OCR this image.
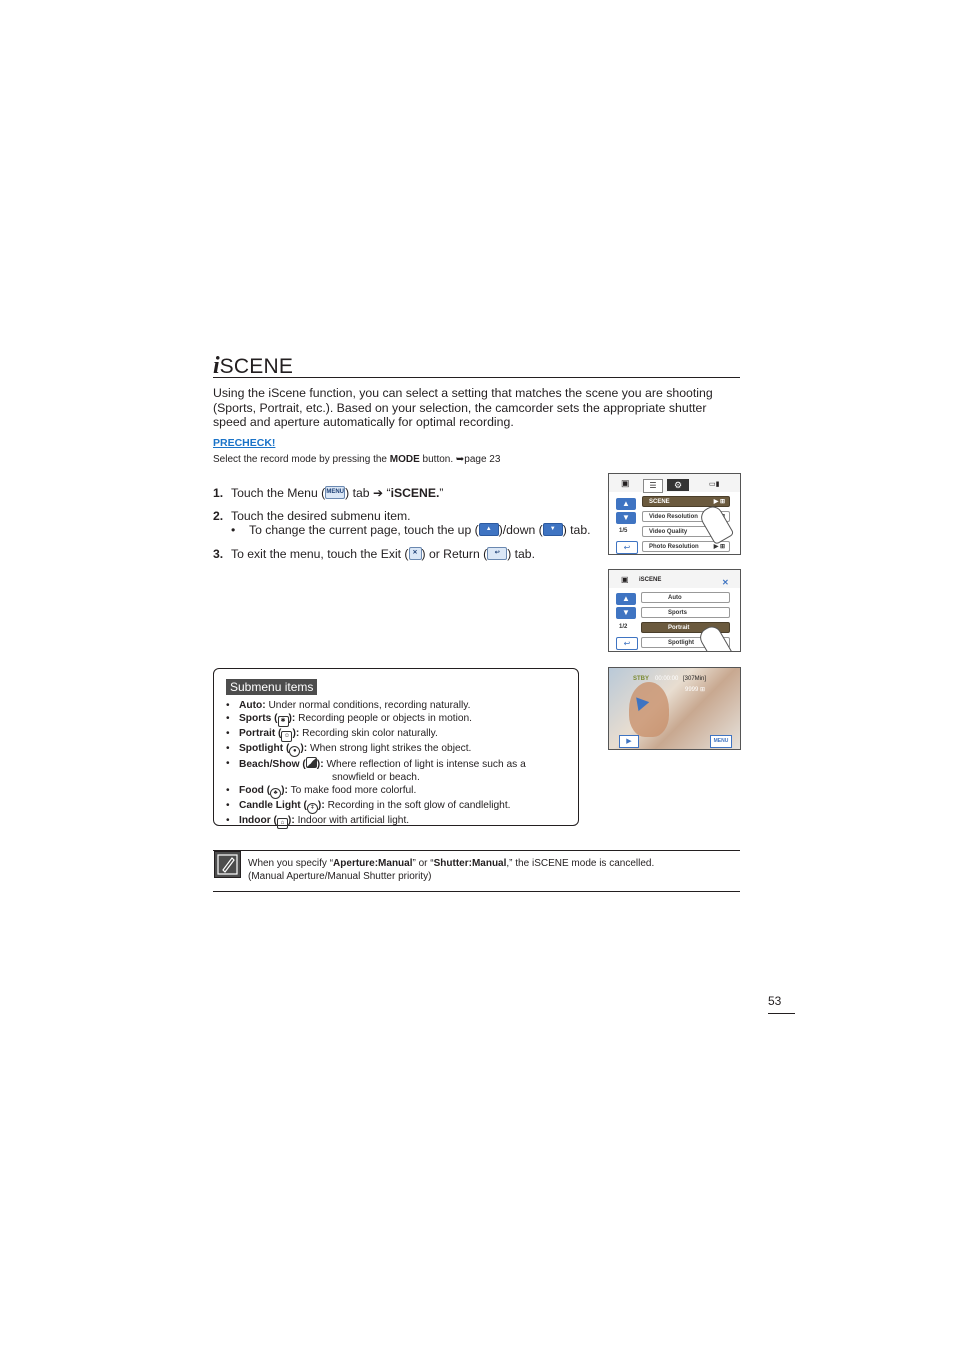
iSCENE
Using the iScene function, you can select a setting that matches the scene you are shooting (Sports, Portrait, etc.). Based on your selection, the camcorder sets the appropriate shutter speed and aperture automatically for optimal recording.
PRECHECK!
Select the record mode by pressing the MODE button. ➥page 23
1. Touch the Menu (MENU) tab ➔ “iSCENE.”
2. Touch the desired submenu item.
• To change the current page, touch the up ( ▲ )/down ( ▼ ) tab.
3. To exit the menu, touch the Exit ( ✕ ) or Return ( ↩ ) tab.
▣	☰	⚙	▭▮
▲
▼
1/5
↩
SCENE	▶ ⊞
Video Resolution
Video Quality
Photo Resolution	▶ ⊞
▣ iSCENE	✕
▲
▼
1/2
↩
Auto
Sports
Portrait
Spotlight
STBY 00:00:00 [307Min]
9999 ⊞
▶	MENU
Submenu items
• Auto: Under normal conditions, recording naturally.
• Sports ( ✱ ): Recording people or objects in motion.
• Portrait ( ☺ ): Recording skin color naturally.
• Spotlight ( ● ): When strong light strikes the object.
• Beach/Show ( ): Where reflection of light is intense such as a
snowfield or beach.
• Food ( ♣ ): To make food more colorful.
• Candle Light ( ǂ ): Recording in the soft glow of candlelight.
• Indoor ( ⌂ ): Indoor with artificial light.
When you specify “Aperture:Manual” or “Shutter:Manual,” the iSCENE mode is cancelled.
(Manual Aperture/Manual Shutter priority)
53
